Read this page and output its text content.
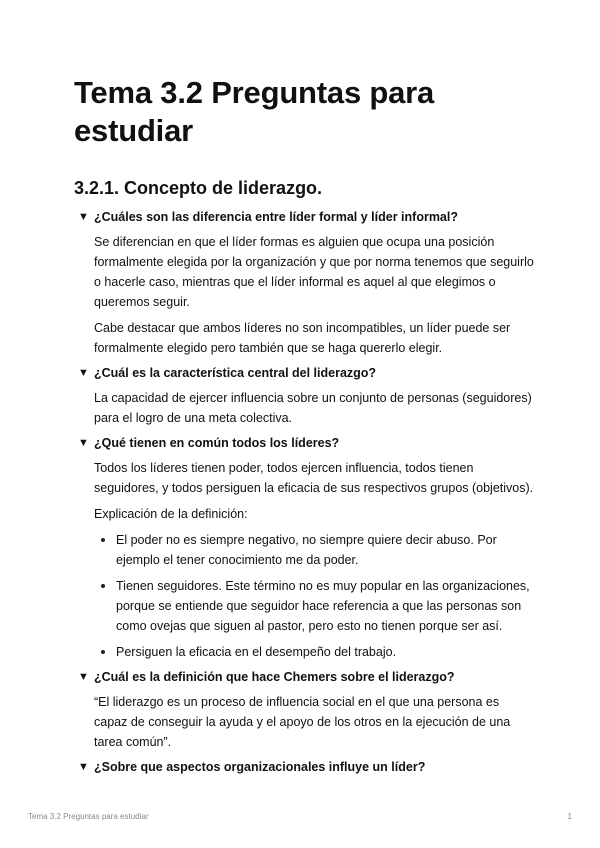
Tema 3.2 Preguntas para estudiar
3.2.1. Concepto de liderazgo.
▼ ¿Cuáles son las diferencia entre líder formal y líder informal?

Se diferencian en que el líder formas es alguien que ocupa una posición formalmente elegida por la organización y que por norma tenemos que seguirlo o hacerle caso, mientras que el líder informal es aquel al que elegimos o queremos seguir.

Cabe destacar que ambos líderes no son incompatibles, un líder puede ser formalmente elegido pero también que se haga quererlo elegir.

▼ ¿Cuál es la característica central del liderazgo?

La capacidad de ejercer influencia sobre un conjunto de personas (seguidores) para el logro de una meta colectiva.

▼ ¿Qué tienen en común todos los líderes?

Todos los líderes tienen poder, todos ejercen influencia, todos tienen seguidores, y todos persiguen la eficacia de sus respectivos grupos (objetivos).

Explicación de la definición:

El poder no es siempre negativo, no siempre quiere decir abuso. Por ejemplo el tener conocimiento me da poder.
Tienen seguidores. Este término no es muy popular en las organizaciones, porque se entiende que seguidor hace referencia a que las personas son como ovejas que siguen al pastor, pero esto no tienen porque ser así.
Persiguen la eficacia en el desempeño del trabajo.
▼ ¿Cuál es la definición que hace Chemers sobre el liderazgo?

“El liderazgo es un proceso de influencia social en el que una persona es capaz de conseguir la ayuda y el apoyo de los otros en la ejecución de una tarea común”.

▼ ¿Sobre que aspectos organizacionales influye un líder?
Tema 3.2 Preguntas para estudiar	1
